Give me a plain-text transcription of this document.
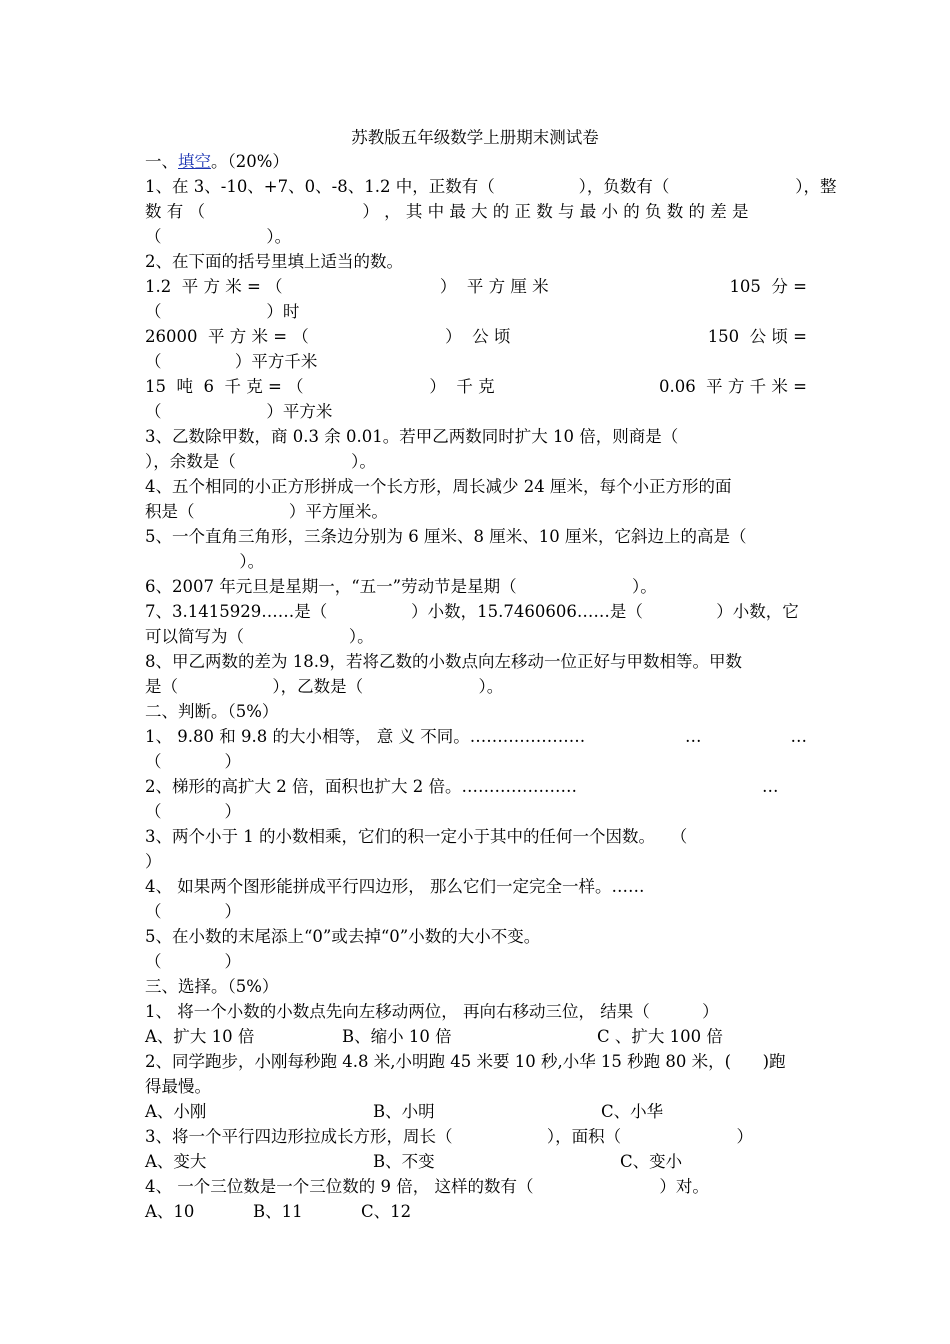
苏教版五年级数学上册期末测试卷
一、填空。（20%）
1、在 3、-10、+7、0、-8、1.2 中，正数有（                ），负数有（                        ），整
数 有 （                              ） ， 其 中 最 大 的 正 数 与 最 小 的 负 数 的 差 是
（                    ）。
2、在下面的括号里填上适当的数。
1.2  平 方 米 = （                              ）  平 方 厘 米	105  分 =
（                    ）时
26000  平 方 米 = （                          ）  公 顷	150  公 顷 =
（              ）平方千米
15  吨  6  千 克 = （                        ）  千 克	0.06  平 方 千 米 =
（                    ）平方米
3、乙数除甲数，商 0.3 余 0.01。若甲乙两数同时扩大 10 倍，则商是（
），余数是（                      ）。
4、五个相同的小正方形拼成一个长方形，周长减少 24 厘米，每个小正方形的面
积是（                  ）平方厘米。
5、一个直角三角形，三条边分别为 6 厘米、8 厘米、10 厘米，它斜边上的高是（
）。
6、2007 年元旦是星期一，“五一”劳动节是星期（                      ）。
7、3.1415929……是（                ）小数，15.7460606……是（              ）小数，它
可以简写为（                    ）。
8、甲乙两数的差为 18.9，若将乙数的小数点向左移动一位正好与甲数相等。甲数
是（                  ），乙数是（                      ）。
二、判断。（5%）
1、 9.80 和 9.8 的大小相等， 意 义 不同。…………………	…	…
（            ）
2、梯形的高扩大 2 倍，面积也扩大 2 倍。…………………	…
（            ）
3、两个小于 1 的小数相乘，它们的积一定小于其中的任何一个因数。   （
）
4、 如果两个图形能拼成平行四边形， 那么它们一定完全一样。……
（            ）
5、在小数的末尾添上“0”或去掉“0”小数的大小不变。
（            ）
三、选择。（5%）
1、 将一个小数的小数点先向左移动两位， 再向右移动三位， 结果（          ）
A、扩大 10 倍	B、缩小 10 倍	C 、扩大 100 倍
2、同学跑步，小刚每秒跑 4.8 米,小明跑 45 米要 10 秒,小华 15 秒跑 80 米，(      )跑
得最慢。
A、小刚	B、小明	C、小华
3、将一个平行四边形拉成长方形，周长（                  ），面积（                      ）
A、变大	B、不变	C、变小
4、 一个三位数是一个三位数的 9 倍， 这样的数有（                        ）对。
A、10	B、11	C、12
